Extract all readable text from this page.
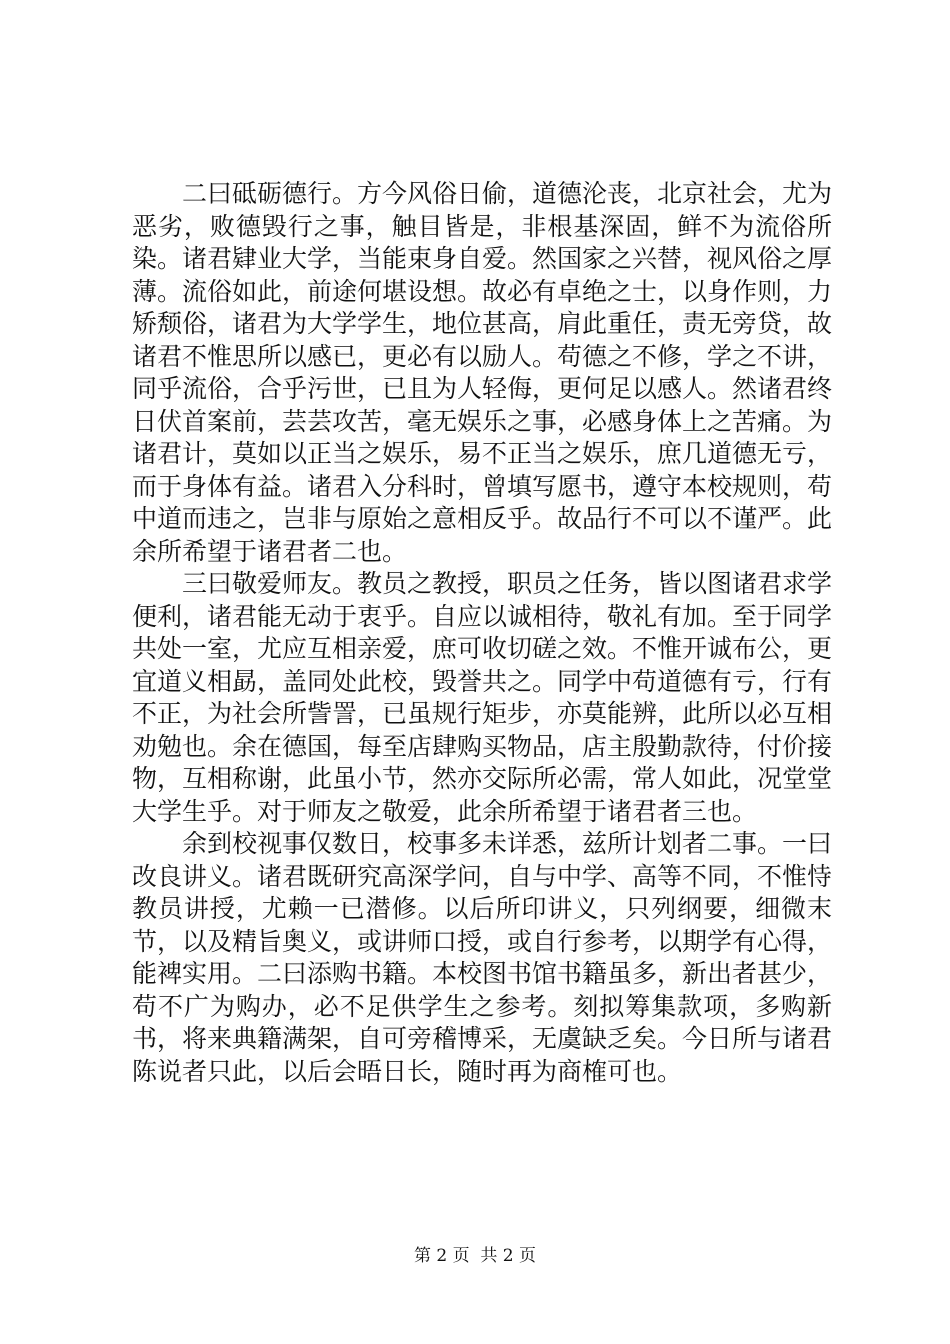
二曰砥砺德行。方今风俗日偷，道德沦丧，北京社会，尤为恶劣，败德毁行之事，触目皆是，非根基深固，鲜不为流俗所染。诸君肄业大学，当能束身自爱。然国家之兴替，视风俗之厚薄。流俗如此，前途何堪设想。故必有卓绝之士，以身作则，力矫颓俗，诸君为大学学生，地位甚高，肩此重任，责无旁贷，故诸君不惟思所以感已，更必有以励人。苟德之不修，学之不讲，同乎流俗，合乎污世，已且为人轻侮，更何足以感人。然诸君终日伏首案前，芸芸攻苦，毫无娱乐之事，必感身体上之苦痛。为诸君计，莫如以正当之娱乐，易不正当之娱乐，庶几道德无亏，而于身体有益。诸君入分科时，曾填写愿书，遵守本校规则，苟中道而违之，岂非与原始之意相反乎。故品行不可以不谨严。此余所希望于诸君者二也。

三曰敬爱师友。教员之教授，职员之任务，皆以图诸君求学便利，诸君能无动于衷乎。自应以诚相待，敬礼有加。至于同学共处一室，尤应互相亲爱，庶可收切磋之效。不惟开诚布公，更宜道义相勗，盖同处此校，毁誉共之。同学中苟道德有亏，行有不正，为社会所訾詈，已虽规行矩步，亦莫能辨，此所以必互相劝勉也。余在德国，每至店肆购买物品，店主殷勤款待，付价接物，互相称谢，此虽小节，然亦交际所必需，常人如此，况堂堂大学生乎。对于师友之敬爱，此余所希望于诸君者三也。

余到校视事仅数日，校事多未详悉，兹所计划者二事。一曰改良讲义。诸君既研究高深学问，自与中学、高等不同，不惟恃教员讲授，尤赖一已潜修。以后所印讲义，只列纲要，细微末节，以及精旨奥义，或讲师口授，或自行参考，以期学有心得，能裨实用。二曰添购书籍。本校图书馆书籍虽多，新出者甚少，苟不广为购办，必不足供学生之参考。刻拟筹集款项，多购新书，将来典籍满架，自可旁稽博采，无虞缺乏矣。今日所与诸君陈说者只此，以后会晤日长，随时再为商榷可也。

第 2 页  共 2 页
